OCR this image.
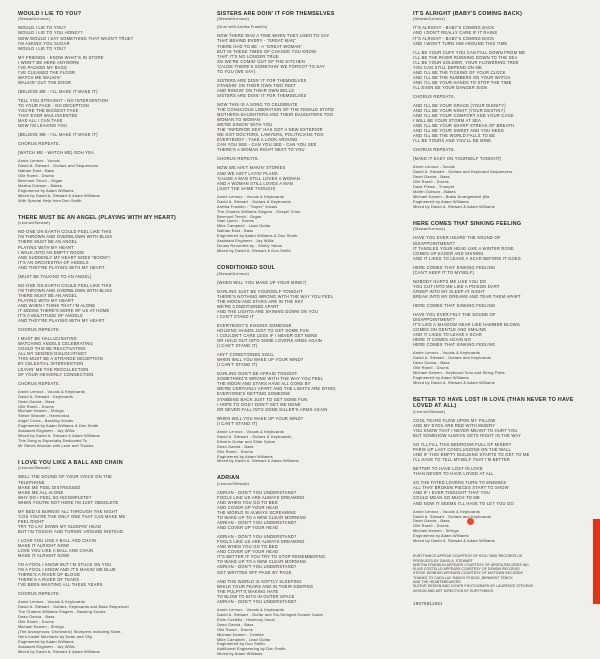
WOULD I LIE TO YOU?
(Stewart/Lennox)
WOULD I LIE TO YOU?
WOULD I LIE TO YOU HONEY?
NOW WOULD I SAY SOMETHING THAT WASN'T TRUE?
I'M ASKING YOU SUGAR
WOULD I LIE TO YOU?
MY FRIENDS - KNOW WHAT'S IN STORE
I WON'T BE HERE ANYMORE
I'VE PACKED MY BAGS
I'VE CLEANED THE FLOOR
WATCH ME WALKIN'
WALKIN' OUT THE DOOR
(BELIEVE ME - I'LL MAKE IT MAKE IT)
TELL YOU STRAIGHT - NO INTERVENTION
TO YOUR FACE - NO DECEPTION
YOU'RE THE BIGGEST FAKE
THAT EVER WAS INVENTED
MAD ALL I CAN TAKE
NOW I'M LEAVING YOU
(BELIEVE ME - I'LL MAKE IT MAKE IT)
CHORUS REPEATS.
(WATCH ME - WATCH ME) OOH YEA
Annie Lennox - Vocals
David A. Stewart - Guitars and Sequencers
Nathan East - Bass
Olle Romö - Drums
Benmont Tench - Organ
Martha Dobson - Bakes
Engineered by Adam Williams
Mixed by David A. Stewart & Adam Williams
With Special Help from Don Smith
THERE MUST BE AN ANGEL (PLAYING WITH MY HEART)
(Lennox/Stewart)
NO-ONE ON EARTH COULD FEEL LIKE THIS
I'M THROWN AND OVERBLOWN WITH BLISS
THERE MUST BE AN ANGEL
PLAYING WITH MY HEART
I WALK INTO AN EMPTY ROOM
AND SUDDENLY MY HEART GOES "BOOM"!
IT'S AN ORCHESTRA OF ANGELS
AND THEY'RE PLAYING WITH MY HEART
(MUST BE TALKING TO AN ANGEL)
NO-ONE ON EARTH COULD FEEL LIKE THIS
I'M THROWN AND OVERBLOWN WITH BLISS
THERE MUST BE AN ANGEL
PLAYING WITH MY HEART
AND WHEN I THINK THAT I'M ALONE
IT SEEMS THERE'S MORE OF US AT HOME
IT'S A MULTITUDE OF ANGELS
AND THEY'RE PLAYING WITH MY HEART
CHORUS REPEATS.
I MUST BE HALLUCINATING
WATCHING ANGELS CELEBRATING
COULD THIS BE REACTIVATING
ALL MY SENSES DISLOCATING?
THIS MUST BE A STRANGE DECEPTION
BY CELESTIAL INTERVENTION
LEAVIN' ME THE RECOLLECTION
OF YOUR HEAVENLY CONNECTION
CHORUS REPEATS.
Annie Lennox - Vocals & Keyboards
David A. Stewart - Keyboards
Dean Garcia - Bass
Olle Romö - Drums
Michael Kamen - Strings
Stevie Wonder - Harmonica
Angel Cross - Backing Vocals
Engineered by Adam Williams & Don Smith
Assistant Engineer - Jay Willis
Mixed by David A. Stewart & Adam Williams
This Song is Especially Dedicated To
Mr Stevie Wonder with Love and Thanks
I LOVE YOU LIKE A BALL AND CHAIN
(Lennox/Stewart)
WELL THE SOUND OF YOUR VOICE ON THE
TELEPHONE
MAKE ME FEEL DISTRESSED
MAKE ME ALL ALONE
WHY DO I FEEL SO INCOMPLETE?
WHEN YOU'RE NOT HERE I'M JUST OBSOLETE
MY BED IS BURNIN' ALL THROUGH THE NIGHT
'COS YOU'RE THE ONLY ONE THAT CAN MAKE ME
FEEL RIGHT
TRY TO LAY DOWN MY SLEEPIN' HEAD
BUT I'M TOSSIN' AND TURNIN' AROUND INSTEAD
I LOVE YOU LIKE A BALL AND CHAIN
MAKE IT ALRIGHT NOW!
LOVE YOU LIKE A BALL AND CHAIN
MAKE IT ALRIGHT NOW!
I'M A FOOL I KNOW BUT I'M STUCK ON YOU
I'M A FOOL I KNOW AND IT'S MAKIN' ME BLUE
THERE'S A RIVER OF BLOOD
THERE'S A RIVER OF TEARS
I'VE BEEN WASTING ALL THESE YEARS
CHORUS REPEATS.
Annie Lennox - Vocals & Keyboards
David A. Stewart - Guitars, Keyboards and Bass Sequencer
The Charles Williams Singers - Backing Vocals
Dean Garcia - Bass
Olle Romö - Drums
Michael Kamen - Strings
(The Anonymous 'Orchestra') Stompers including Sarie,
Hero Inside Mechanic by Dean and Olly
Engineered by Adam Williams
Assistant Engineer - Jay Willis
Mixed by David A. Stewart & Adam Williams
SISTERS ARE DOIN' IT FOR THEMSELVES
(Stewart/Lennox)
(Duet with Aretha Franklin)
NOW THERE WAS A TIME WHEN THEY USED TO SAY
THAT BEHIND EVERY - "GREAT MAN"
THERE HAD TO BE - A "GREAT WOMAN"
BUT IN THESE TIMES OF CHANGE YOU KNOW
THAT IT'S NO LONGER TRUE
SO WE'RE COMIN' OUT OF THE KITCHEN
'CAUSE THERE'S SOMETHIN' WE FORGOT TO SAY
TO YOU (WE SAY)
SISTERS ARE DOIN' IT FOR THEMSELVES
STANDIN' ON THEIR OWN TWO FEET
AND RINGIN' ON THEIR OWN BELLS
SISTERS ARE DOIN' IT FOR THEMSELVES
NOW THIS IS A SONG TO CELEBRATE
THE CONSCIOUS LIBERATION OF THE FEMALE STATE!
MOTHERS-DAUGHTERS AND THEIR DAUGHTERS TOO
WOMAN TO WOMAN
WE'RE SINGIN' WITH YOU
THE "INFERIOR SEX" HAS GOT A NEW EXTERIOR
WE GOT DOCTORS, LAWYERS, POLITICIANS TOO
EVERYBODY - TAKE A LOOK AROUND
CAN YOU SEE - CAN YOU SEE - CAN YOU SEE
THERE'S A WOMAN RIGHT NEXT TO YOU
CHORUS REPEATS.
NOW WE AIN'T MAKIN' STORIES
AND WE AIN'T LAYIN' PLANS
'CAUSE A MAN STILL LOVES A WOMAN
AND A WOMAN STILL LOVES A MAN
(JUST THE SAME THOUGH)
Annie Lennox - Vocals & Keyboards
David A. Stewart - Guitars & Keyboards
Aretha Franklin - "Super" Vocals
The Charles Williams Singers - Gospel Choir
Benmont Tench - Organ
Stan Lynch - Drums
Mike Campbell - Lead Guitar
Nathan East - Bass
Engineered by Adam Williams & Don Smith
Assistant Engineer - Jay Willis
Drums Recorded by - Shelly Yakus
Mixed by David A. Stewart & Don Smith
CONDITIONED SOUL
(Stewart/Lennox)
(WHEN WILL YOU MAKE UP YOUR MIND?)
DARLING JUST BE YOURSELF TONIGHT
THERE'S NOTHING WRONG WITH THE WAY YOU FEEL
THE MOON AND STARS ARE IN THE SKY
WE'RE CONDITIONED APART
AND THE LIGHTS ARE SHINING DOWN ON YOU
I CAN'T STAND IT
EVERYBODY'S KISSING SOMEONE
HOLDING HANDS JUST TO GET SOME FUN
I COULDN'T CARE LESS IF I NEVER GET NONE
OR HOLD OUT INTO SOME LOVERS ARMS AGAIN
(I CAN'T STAND IT)
AIN'T CONDITIONED SOUL
WHEN WILL YOU MAKE UP YOUR MIND?
(I CAN'T STAND IT)
DARLING DON'T BE AFRAID TONIGHT
SOMETHING'S WRONG WITH THE WAY YOU FEEL
THE MOON AND STARS HAVE ALL GONE BY
WE'RE CERTAINLY APART AND THE LIGHTS ARE DYING
EVERYONE'S GETTING SOMEONE
STABBING BACK JUST TO GET SOME FUN
I HOPE TO GOD I DON'T GET ME NONE
OR NEVER FALL INTO SOME KILLER'S ARMS AGAIN
WHEN WILL YOU MAKE UP YOUR MIND?
(I CAN'T STAND IT)
Annie Lennox - Vocals & Keyboards
David A. Stewart - Guitars & Keyboards,
Electric Guitar and Slide Guitar
Dean Garcia - Bass
Olle Romö - Drums
Engineered by Adam Williams
Mixed by David A. Stewart & Adam Williams
ADRIAN
(Lennox/Stewart)
ADRIAN - DON'T YOU UNDERSTAND?
FOOLS LIKE US ARE ALWAYS DREAMING
AND WHEN YOU GO TO BED
AND COVER UP YOUR HEAD
THE WORLD IS ALWAYS SCREAMING
TO WAKE UP TO A NEW CLEAR MORNING
ADRIAN - DON'T YOU UNDERSTAND?
AND COVER UP YOUR HEAD
ADRIAN - DON'T YOU UNDERSTAND?
FOOLS LIKE US ARE ALWAYS DREAMING
AND WHEN YOU GO TO BED
AND COVER UP YOUR HEAD
IT'S BETTER IF YOU TRY TO STOP REMEMBERING
TO WAKE UP TO A NEW CLEAR MORNING
ADRIAN - DON'T YOU UNDERSTAND?
GET WRITTEN OFF PAGE BY PAGE
AND THE WORLD IS SOFTLY SLEEPING
WHILE YOUR FEARS AND IN THEIR KEEPING
THE PULPIT'S MAKING HATE
TO BLOW TO BITS IN OUTER SPACE
ADRIAN - DON'T YOU UNDERSTAND?
Annie Lennox - Vocals & Keyboards
David A. Stewart - Guitar and Six-Stringed Octave Guitar
Elvis Costello - Harmony Vocal
Dean Garcia - Bass
Olle Romö - Drums
Michael Kamen - Celeste
Mike Campbell - Lead Guitar
Engineered by Don Smith
Additional Engineering by Don Smith
Mixed by Adam Williams
IT'S ALRIGHT (BABY'S COMING BACK)
(Stewart/Lennox)
IT'S ALRIGHT - BABY'S COMING BACK
AND I DON'T REALLY CARE IF IT RAINS
IT'S ALRIGHT - BABY'S COMING BACK
AND I WON'T TURN HIM AROUND THIS TIME
I'LL BE YOUR CUFF YOU CAN FALL DOWN FROM ME
I'LL BE THE RIVER RUNNING DOWN TO THE SEA
I'LL BE YOUR SOLDIER, YOUR FLOWERING TREE
YOU CAN STILL DEPEND ON ME
AND I'LL BE THE TICKING OF YOUR CLOCK
AND I'LL BE THE NUMBERS ON YOUR WATCH
AND I'LL BE YOUR HANDS TO STOP THE TIME
I'LL EVEN BE YOUR DANGER SIGN
CHORUS REPEATS.
AND I'LL BE YOUR GRACE (YOUR DIGNITY)
AND I'LL BE YOUR NIGHT (YOUR DESTINY)
AND I'LL BE YOUR COMFORT AND YOUR CAGE
I WILL BE YOUR STORM AT SEA
AND I'LL BE YOUR SHARP STREAK OF BREATH
AND I'LL BE YOUR SWEET AND YOU NEED
AND I'LL BE THE WORLD FALLS TO BE
I'LL BE YOURS AND YOU'LL BE MINE
CHORUS REPEATS.
(MAKE IT EASY ON YOURSELF TONIGHT)
Annie Lennox - Vocals
David A. Stewart - Guitars and Keyboard Sequencers
Dean Garcia - Bass
Olle Romö - Drums
Dave Plews - Trumpet
Martin Dobson - Bakes
Michael Kamen - Brass Arrangement (Ba
Engineered by Adam Williams
Mixed by David A. Stewart & Adam Williams
HERE COMES THAT SINKING FEELING
(Stewart/Lennox)
HAVE YOU EVER HEARD THE SOUND OF
DISAPPOINTMENT?
IT TANGLES YOUR HEAD LIKE A WINTER ROSE
COMES UP EAGER AND SHINING
AND IT LIKES TO LEAVE A SCAR BEFORE IT GOES
HERE COMES THAT SINKING FEELING
(CAN'T KEEP IT TO MYSELF)
NOBODY HURTS ME LIKE YOU DO
YOU CUT INTO ME LIKE A POISON DART
CREEP INTO MY SLEEP AT NIGHT
BREAK INTO MY DREAMS AND TEAR THEM APART
HERE COMES THAT SINKING FEELING
HAVE YOU EVER FELT THE SOUND OF
DISAPPOINTMENT?
IT'S LIKE A SHADOW HEAR LIKE HAMMER BLOWS
COMES ON GENTLE AND SMILING
AND IT LIKES TO LEAVE A SCAR
HERE IT COMES AGAIN NO
HERE COMES THAT SINKING FEELING
Annie Lennox - Vocals & Keyboards
David A. Stewart - Guitars and Keyboards
Dean Garcia - Bass
Olle Romö - Drums
Michael Kamen - Keyboard Solo and String Parts
Engineered by Adam Williams
Mixed by David A. Stewart & Adam Williams
BETTER TO HAVE LOST IN LOVE (THAN NEVER TO HAVE LOVED AT ALL)
(Lennox/Stewart)
COOL TEARS FLOW UPON MY PILLOW
AND MY EYES ARE RED WITH MISERY
YOU KNOW THAT I NEVER MEANT TO HURT YOU
BUT SOMEHOW ALWAYS GETS RIGHT IN THE WAY
SO I'LL FILL THIS BEDROOM FULL OF MISERY
PARIS UP LAST CONCLUSIONS ON THE WALL
AND IF THIS EMPTY BUILDING STARTS TO GET TO ME
I'LL HAVE TO TELL MYSELF THAT I'M BETTER
BETTER TO HAVE LOST IN LOVE
THAN NEVER TO HAVE LOVED AT ALL
SO THE FATED LOVERS TURN TO ENEMIES
ALL THAT BROKEN PIECES START TO SHOW
AND IF I EVER THOUGHT THAT YOU
COULD MEAN SO MUCH TO ME
AND NOW IT SEEMS I'LL HAVE TO LET YOU GO
Annie Lennox - Vocals & Keyboards
David A. Stewart - Guitars and Keyboards
Dean Garcia - Bass
Olle Romö - Drums
Michael Kamen - Strings
Engineered by Adam Williams
Mixed by David A. Stewart & Adam Williams
EURYTHMICS APPEAR COURTESY OF RCA / BMG RECORDS UK
PRODUCED BY DAVID A. STEWART
ARETHA FRANKLIN APPEARS COURTESY OF ARISTA RECORDS INC.
ELVIS COSTELLO APPEARS COURTESY OF DEMON RECORDS
STEVIE WONDER APPEARS COURTESY OF MOTOWN RECORDS
THANKS TO CADILLAC RANCH STUDIO, BENMONT TENCH
AND THE HEARTBREAKERS
SLEEVE DESIGN AND COVER PHOTOGRAPH BY LAURENCE STEVENS
DESIGN AND ART DIRECTION BY EURYTHMICS
19075811651
